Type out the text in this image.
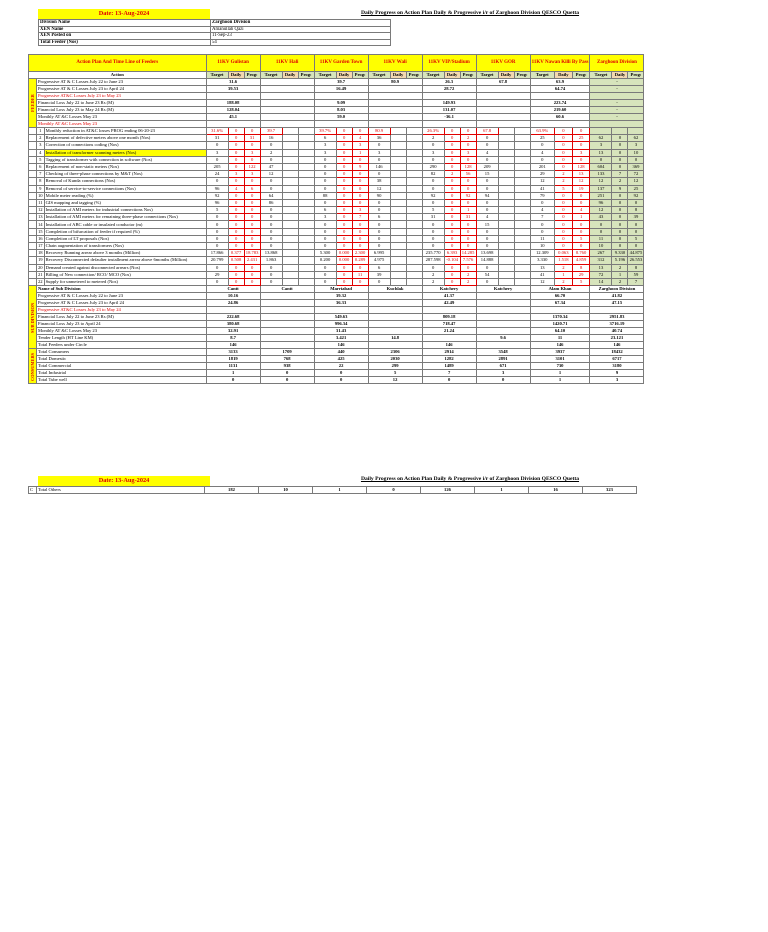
Date: 13-Aug-2024	Daily Progress on Action Plan Daily & Progressive i/r of Zarghoon Division QESCO Quetta
Division Name	Zarghoon Division
XEN Name	Amanullah Qazi
XEN Posted on	11-Sep-23
Total Feeder (Nos)	54
Action Plan And Time Line of Feeders			11KV Gulistan			11KV Hali			11KV Garden Town			11KV Wali			11KV VIP/Stadium			11KV GOR			11KV Nawan Killi By Pass			Zarghoon Division		
Action			Target	Daily	Prog:	Target	Daily	Prog:	Target	Daily	Prog:	Target	Daily	Prog:	Target	Daily	Prog:	Target	Daily	Prog:	Target	Daily	Prog:	Target	Daily	Prog:
FEEDER	Progressive AT & C Losses July 22 to June 23		31.6						39.7			80.9			26.3			67.8			63.9			-		
	Progressive AT & C Losses July 23 to April 24		39.53						16.49						28.72						64.74			-		
	Progressive AT&C Losses July 23 to May 23																									
	Financial Loss July 22 to June 23 Rs (M)		188.08						9.09						149.93						223.74			-		
	Financial Loss July 23 to May 24 Rs (M)		128.04						8.03						131.07						219.60			-		
	Monthly AT &C Losses May 23		45.1						59.0						-36.1						60.6			-		
	Monthly AT &C Losses May 23																									
	1	Monthly reduction in AT&C losses PROG ending 06-20-23	31.6%	0	0	39.7			39.7%	0	0	80.9			26.3%	0	0	67.8			63.9%	0	0			
	2	Replacement of defective meters above one month (Nos)	31	0	31	16			6	0	4	36			2	0	2	0			25	0	25	62	0	62
	3	Correction of connections coding (Nos)	0	0	0	0			3	0	3	0			0	0	0	0			0	0	0	3	0	3
	4	Installation of transformer scanning meters (Nos)	3	0	3	2			3	0	1	3			3	0	3	4			4	0	3	13	0	10
	5	Tagging of transformer with connection in software (Nos)	0	0	0	0			0	0	0	0			0	0	0	0			0	0	0	0	0	0
	6	Replacement of non-static meters (Nos)	205	0	122	47			0	0	9	146			290	0	128	209			201	0	128	604	0	369
	7	Checking of three-phase connections by M&T (Nos)	24	3	3	12			0	0	0	0			82	2	56	15			29	2	13	133	7	72
	8	Removal of Kunda connections (Nos)	0	0	0	0			0	0	0	38			0	0	0	0			12	2	12	12	2	12
	9	Removal of service-to-service connections (Nos)	96	4	6	0			0	0	0	12			0	0	0	0			41	5	19	137	9	25
	10	Mobile meter reading (%)	92	0	0	64			88	0	0	90			92	0	92	94			79	0	0	251	0	92
	11	GIS mapping and tagging (%)	96	0	0	86			0	0	0	0			0	0	0	0			0	0	0	96	0	0
	12	Installation of AMI meters for industrial connections Nos)	5	0	0	0			6	0	3	0			5	0	1	0			4	0	4	12	0	8
	13	Installation of AMI meters for remaining three-phase connections (Nos)	0	0	0	0			3	0	7	6			31	0	31	4			7	0	1	43	0	39
	14	Installation of ABC cable or insulated conductor (m)	0	0	0	0			0	0	0	0			0	0	0	15			0	0	0	0	0	0
	15	Completion of bifurcation of feeder if required (%)	0	0	0	0			0	0	0	0			0	0	0	0			0	0	0	0	0	0
	16	Completion of LT proposals (Nos)	0	0	0	0			0	0	0	0			0	0	0	0			11	0	5	11	0	5
	17	Chain augmentation of transformers (Nos)	0	0	0	0			0	0	0	0			0	0	0	0			10	0	0	10	0	0
	18	Recovery Running arrear above 3 months (Million)	17.866	0.377	18.783	13.868			5.300	0.000	2.300	6.995			235.770	6.393	14.285	13.698			12.309	0.063	8.760	267	9.330	44.875
	19	Recovery Disconnected defaulter installment arrear above 6months (Million)	20.799	0.508	2.431	1.863			0.200	0.000	0.289	4.975			287.598	-0.104	7.576	14.888			3.330	1.518	4.859	312	5.196	26.553
	20	Demand created against disconnected arrears (Nos)	0	0	0	0			0	0	0	6			0	0	0	0			13	2	8	13	2	8
	21	Billing of New connection/ RCO/ MCO (Nos)	29	0	0	0			0	0	11	39			2	0	2	54			41	1	29	72	1	59
	22	Supply for unmetered to metered (Nos)	0	0	0	0			0	0	0	0			2	0	2	0			12	2	5	14	2	7
SUB DIVISION	Name of Sub Division		Cantt			Cantt			Marriabad			Kuchlak			Katchery			Katchery			Alam Khan			Zarghoon Division		
	Progressive AT & C Losses July 22 to June 23		10.16						39.32						41.37						66.70			41.82		
	Progressive AT & C Losses July 23 to April 24		24.86						36.33						42.49						67.34			47.15		
	Progressive AT&C Losses July 23 to May 24																									
	Financial Loss July 22 to June 23 Rs (M)		222.68						549.63						809.18						1370.34			2951.83		
	Financial Loss July 23 to April 24		380.68						996.34						718.47						1420.71			3716.19		
	Monthly AT &C Losses May 23		32.91						31.43						21.24						64.10			40.74		
	Tender Length (HT Line KM)		8.7						3.421			14.8						9.6			11			23.121		
	Total Feeders under Circle		146						146						146						146			146		
CONSUMERS	Total Consumers		3133			1709			440			2306			2914			3548			3937			18432		
	Total Domestic		1819			768			425			2030			1282			2891			3101			6717		
	Total Commercial		1131			938			22			299			1489			671			730			3180		
	Total Industrial		1			0			0			5			7			3			1			9		
	Total Tube well		0			0			0			12			0			0			1			3		
Date: 13-Aug-2024	Daily Progress on Action Plan Daily & Progressive i/r of Zarghoon Division QESCO Quetta
C	Total Others	182	10	1	0	126	1	16	323
